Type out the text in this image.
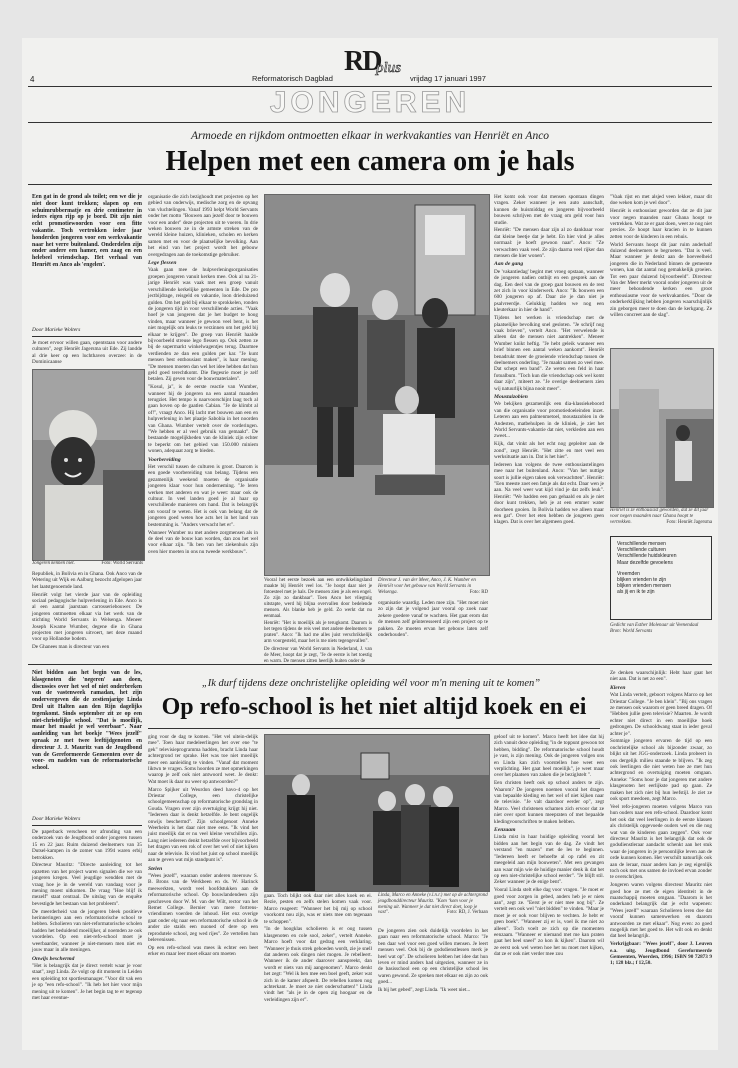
4	Reformatorisch Dagblad
RD
plus
vrijdag 17 januari 1997
JONGEREN
Armoede en rijkdom ontmoetten elkaar in werkvakanties van Henriët en Anco
Helpen met een camera om je hals
Een gat in de grond als toilet; een we die je niet door kunt trekken; slapen op een schuimrubbermatje en drie centimeter in ieders eigen rijp op je bord. Dit zijn niet echt promotiewoorden voor een fitte vakantie. Toch vertrokken ieder jaar honderden jongeren voor een werkvakantie naar het verre buitenland. Onderdelen zijn onder andere een hamer, een zaag en een helebeel vriendschap. Het verhaal van Henriët en Anco als 'engelen'.
Door Marieke Wolters

Je moet ervoor willen gaan, opentstaan voor andere culturen", zegt Henriët Jagersma uit Ede. Zij landde al drie keer op een luchthaven overzee: in de Dominicaanse

Jongeren kennen niet.	Foto: World Servants

Republiek, in Bolivia en in Ghana. Ook Anco van de Wetering uit Wijk en Aalburg bezocht afgelopen jaar het laatstgenoemde land.

Henriët volgt het vierde jaar van de opleiding sociaal pedagogische hulpverlening in Ede. Anco is al een aantal jaarstaan carrosseriebouwer. De jongeren ontmoetten elkaar via het werk van de stichting World Servants in Welsenga. Meneer Joseph Kwame Wumber, degene die in Ghana projecten met jongeren uitvoert, net deze maand voor op Hollandse bodem.

De Ghanees man is directeur van een

organisatie die zich bezighoudt met projecten op het gebied van onderwijs, medische zorg en de opvang van vluchtelingen. Vanaf 1993 helpt World Servants onder het motto "Bouwen aan jezelf door te bouwen voor een ander" deze projecten uit te voeren. In drie weken bouwen ze in de armste streken van de wereld kleine huizen, klinieken, scholen en kerken samen met en voor de plaatselijke bevolking. Aan het eind van het project wordt het gebouw overgedragen aan de toekomstige gebruiker.

Lege flessen

Vaak gaan mee de hulpverleningsorganisaties groepen jongeren vanuit kerken mee. Ook al na 21-jarige Henriët was vaak met een groep vanuit verschillende kerkelijke gemeenten in Ede. De pro jectbijdrage, reisgeld en vakantie, loon drieduizend gulden. Om het geld bij elkaar te sprokkelen, ronden de jongeren tijd in voor verschillende acties. "Vaak hoef je van jongeren dat je het budget te hoog vinden, maar wanneer je gewoon veel bent, is het niet mogelijk om leuks te verzinnen om het geld bij elkaar te krijgen". De groep van Henriët haalde bijvoorbeeld streuse lego flessen op. Ook zetten ze bij de supermarkt winkelwagentjes terug. Daarmee verdienden ze dan een gulden per kar. "Je kunt mensen best enthousiast maken", is haar mening. "De mensen moeten dan wel het idee hebben dat hun geld goed terechtkomt. Die flegesrie moet je zelf betalen. Zij geven voor de bouwmaterialen".

"Kosul, ja", is de eerste reactie van Wumber, wanneer hij de jongeren na een aantal maanden terugziet. Het tempo is naarvoorschijnt laag toch al gaan hoven op de gaatlen Cabian. "Je de klimbt al of!", vraagt Anco. Hij lacht met bouwen aan een en hulpverlening in het plaatje Sabobia in het noorden van Ghana. Wumber vertelt over de vorderingen. "We hebben er al veel gebruik van gemaakt". De bestaande mogelijkheden van de kliniek zijn echter te beperkt om het gebied van 150.000 miniem wonen, adequaat zorg te bieden.

Voorbereiding

Het verschil tussen de culturen is groot. Daarom is een goede voorbereiding van belang. Tijdens een gezamenlijk weekend moeten de organisatie jongeren klaar voor hun onderneming. "Je leren werken met anderen en wat je weet: maar ook de cultuur. In veel landen goed je al haar op verschillende manieren om hand. Dat is belangrijk om vooraf te weten. Het is ook van belang dat de jongeren goed weten hoe acts het in het land van bestemming is. "Anders verwacht het er".

Wanneer Wumber nu met andere zorgmensen als in de deel van de bouw kan worden, dan zou het wel voor elkaar zijn. "Ik ben van het ziekenhuis zijn oven hier moeten in ons nu tweede werkbouw".

Vooral het eerste bezoek aan een ontwikkelingsland maakte bij Henriët veel los. "Je hoopt daar niet je fotoesteel met je hals. De mensen zien je als een engel. Zo zijn zo dankbaar". Toen Anco het vliegtuig uitstapte, werd hij blijna overvallen door bedelende mensen. Als blanke heb je geld. Zo werkt dat nu eenmaal.

Henriët: "Het is moeilijk als je terugkomt. Daarom is het tegen tijdens de reis veel met andere deelnemers te praten". Anco: "Ik had me alles juist verschrikkelijk arm voorgesteld, maar het is me niets tegengevallen".

De directeur van World Servants in Nederland, J. van de Meer, hoopt dat je zegt, "Je de eerste is het toestig en warm. De mensen zitten heerlijk buiten onder de

Directeur J. van der Meer, Anco, J. K. Wumber en Henriët voor het gebouw van World Servants in Welsenga.	Foto: RD

organisatie waardig. Leden mee zijn. "Het moet niet zo zijn dat je volgend jaar vooral op zoek naar zekere goedere vanaf te wachten. Het gaat erom dat de mensen zelf geïnteresseerd zijn een project op te pakken. Ze moeten ervan het gebouw laten zelf onderhouden".

Het komt ook voor dat mensen spontaan dingen vragen. Zeker wanneer je een auto aanschaft, kunnen de huismiddag en jongeren bijvoorbeeld bouwen schrijven met de vraag om geld voor hun studie.

Henriët: "De mensen daar zijn al zo dankbaar voor dat kleine beetje dat je hebt. En hier vind je alles normaal: je hoeft gewoon naar". Anco: "Ze verwachten vaak veel. Ze zijn daarna veel rijker dan mensen die hier wonen".

Aan de gang

De 'vakantiedag' begint met vroeg opstaan, wanneer de jongeren nadien ontbijt en een gesprek aan de dag. Een deel van de groep gaat bouwen en de rest zet zich in voor kinderwerk. Anco: "Ik bouwen een 600 jongeren op af. Daar zie je dan niet je psalvreerdje. Gelukkig hadden we nog een kleuterkaar in hier de hand".

Tijdens het werken is vriendschap met de plaatselijke bevolking snel gesloten. "Je schrijf nog vaak brieven", vertelt Anco. "Het verwelende is alleen dat de mensen niet aantrekken". Meneer Wumber knikt heftig. "Je hebt geleik wanneer een brief binnen een aantal weken aankomt". Henriët benadrukt meer de groeiende vriendschap tussen de deelnemers onderling. "Je maakt samen zo veel mee. Dat schept een band". Ze weten een feld in haar fotoalbum. "Toch kun die vriendschap ook wel komt daar zijn", miteert ze. "Je overige deelnemers zien wij natuurlijk bijna nooit meer".

Moustaizobien

We bekijken gezamenlijk een dia-klassiekeboord van die organisatie voor promotiedoeleinden inzet. Leteren aan een palmenmetoel, moustazobien in de Andesten, matbehulpen in de kliniek, je ziet het World Servants-vakantie dat niet, verkleden aan een zweet...

Kijk, dat vinkt als het echt nog gepleiter aan de zond", zegt Henriët. "Het zitte en met veel een werksituatie aan in. Dat is het hier".

Iedereen kan volgens de twee enthousiastelingen mee naar het buitenland. Anco: "Van het nuttige soort is jullie eigen taken ook verwachtten". Henriët: "Een meeste zoet een fatsje als dat echt. Daar wen je aan. Na veel weer wat kijd vind je dat zelfs leuk". Henriët: "We hadden een pan gehaald en als je niet door kunt trekken, heb je at een emmer water doorheen gooien. In Bolivia hadden we alleen maar een gat". Over het eten hebben de jongeren geen klagen. Dat is over het algemeen goed.

"Vaak rijst en met alsjed veen lekker, maar dit doe weken kom je wel door".

Henriët is enthousiast geworden dat ze dit jaar voor negen maanden naar Ghana hoopt te vertrekken. Wat ze er gaat doen, weet ze nog niet precies. Ze hoopt haar kracien in te kunnen zetten voor de kinderen in een rehuis.

World Servants hoopt dit jaar ruim anderhalf duizend deelnemers te begroeten. "Dat is veel. Maar wanneer je denkt aan de hoeveelheid jongeren die in Nederland binnen de gemeente wonen, kan dat aantal nog gemakkelijk groeien. Tot een paar duizend bijvoorbeeld". Directeur Van der Meer merkt vooral onder jongeren uit de meer behoudende kerken een groot enthousiasme voor de werkvakanties. "Door de onderkerklijking hebben jongeren waarschijnlijk zin geborgen meer te doen dan de kerkgang. Ze willen concreet aan de slag".

Henriët is ze enthousiast geworden, dat ze dit jaar voor negen maanden naar Ghana hoopt te vertrekken.	Foto: Henriët Jagersma
Verschillende mensen
Verschillende culturen
Verschillende huidskleuren
Maar dezelfde gevoelens
Vreemden
blijken vrienden te zijn
blijken vrienden mensen
als jij en ik te zijn
Gedicht van Esther Molenaar uit Veenendaal
Bron: World Servants
Niet bidden aan het begin van de les, klasgenoten die 'negeren' aan doen, discussies over het wel of niet onderbreken van de vastenweek ramadan, het zijn ondervergeven die de zestienjarige Linda Drol uit Halten aan den Rijn dagelijks tegenkomt. Sinds september zit ze op een niet-christelijke school. "Dat is moeilijk, maar het maakt je wel weerbaar". Naar aanleiding van het boekje "Wees jezelf" spraak ze met twee leeftijdgenoten en directeur J. J. Mauritz van de Jeugdbond van de Gereformeerde Gemeenten over de voor- en nadelen van de reformatorische school.
Door Marieke Wolters

De paperback verscheen ter afronding van een onderzoek van de Jeugdbond onder jongeren tussen 15 en 22 jaar. Ruim duizend deelnemers van 35 Dutsel-kampen in de zomer van 1994 waren erbij betrokken.

Directeur Mauritz: "Directe aanleiding tot het opzetten van het project waren signalen die we van jongeren kregen. Veel jeugdige wendden met de vraag hoe je in de wereld van vandaag voor je mening moest uitkomen. De vraag "Hoe blijf ik mezelf" staat centraal. De uitslag van de enquête bevestigde het bestaan van het probleem".

De meerderheid van de jongeren bleek positieve herinneringen aan een reformatorische school te hebben. Scholieren van niet-reformatorische scholen hadden het beduidend moeilijker, al noemden ze ook voordelen. Op een niet-refo-school moet je weerbaarder, wanneer je niet-mensen men niet en jouw maar in alle meningen.

Onwijs beschermd

"Het is belangrijk dat je direct vertelt waar je voor staat", zegt Linda. Ze volgt op dit moment in Leiden een opleiding tot sportlesmanager. "Voor dit vak een je op "een refo-school". "Ik heb het hier voor mijn mening uit te komen". Je het begin tag te er tegenop met haar eventue-

„Ik durf tijdens deze onchristelijke opleiding wél voor m'n mening uit te komen”
Op refo-school is het niet altijd koek en ei

ging voor de dag te komen. "Het vel uitein-delijk mee". Toen haar medeleerlingen het over ene "te gek" televisieprogramma hadden, bracht Linda haar achtergrond ter sprake. Het was toe niet moeilijk meer een aanleiding te vinden. "Vanaf dat moment liktwn te vragen. Soms hoorden ze met opmerkingen waarop je zelf ook niet antwoord weet. Je denkt: Wat moet ik daar nu weer op antwoorden?"

Marco Spijker uit Weurdon deed havo-4 op het Driestar College, een christelijke schoolgemeenschap op reformatorische grondslag in Gouda. Vragen over zijn overtuiging krijgt hij niet. "Iedereen daar is denkt hetzelfde. Je bent ongelijk onwijs beschermd". Zijn schoolgenoot Anneke Weerheim is het daar niet mee eens. "Ik vind het juist moeilijk dat er nu veel kleine verschillen zijn. Lang niet iedereen denkt hetzelfde over bijvoorbeeld het dragen van een rok of over het wel of niet kijken naar de televisie. Ik vind het juist op school moeilijk aan te geven wat mijn standpunt is".

Stelen

"Wees jezelf", waaraan onder anderen meerouw S. B. Brons van de Werkbeen en ds. W. Harinck meewerkten, wordt veel hoofdstukken aan de reformatorische school. Op bouwlandendeen zijn geschreven door W. M. van der Wilt, rector van het Remet College. Bernier van mere fortrens-vriendinnen voerden de inhoud. Het enz overige gaat onder elg naar een reformatorische school in de ander zie staids een nuoned of dere op een reprodutele school, zeg wed rijes". Ze vertellen hun belevenissen.

Op een refo-school was mees ik echter een beet erker en maar leer moet elkaar om moeten

Linda, Marco en Anneke (v.l.n.r.) met op de achtergrond jeugdbonddirecteur Mauritz. "Kom ‘kom voor je mening uit. Wanneer je dat niet direct doet, loop je vast".	Foto: RD, J. Verbaan

gaan. Toch blijkt ook daar niet alles koek en ei. Rezie, pesten en zelfs stelen komen vaak voor. Marco reageert: "Wanneer het bij mij op school voorkomt nou zijn, was er niets mee om tegenaan te schoppen".

"In de hoogklas scholieren is er oog tussen klasgenoten en cole sool, zeker", vertelt Anneke. Marco hoeft voor dat gedrag een verklaring. "Wanneer je thuis strek gehoeden wordt, zie je snell dat anderen ook dingen niet mogen. Je rebelleert. Wanneer ik de ander daarover aanspreekt, dan wordt er niets van mij aangenomen". Marco denkt het zegt: "Wel ik ben mee een boel geeft, zeker wat zich in de kamer afspeelt. De rebellen komen nog achterkant. Je moet ze niet onderschatten!" Linda vindt het "als je in de open zig hoogaar en de verleidingen zijn er".

De jongeren zien ook duidelijk voordelen in het gaan naar een reformatorische school. Marco: "Je ben daar wel voor een goed willen mensen. Je leert mensen veel. Ook bij de godsdienstlessen merk je heel wat op". De scholieren hebben het idee dat hun leven er mind anders had uitgezien, wanneer ze in de basisschool een op een christelijke school les waren gewond. Ze spreken met elkaar en zijn zo ook goed...

Ik bij het gebed", zegt Linda. "Ik weet niet...

geloof uit te komen". Marco heeft het idee dat hij zich vanuit deze opleiding "in de toppunt gewoon tot hebben, bidding". De reformatorische school houdt je vast, is zijn mening. Ook de jongeren volgen ons en Linda kan zich voorstellen hoe weet een verplichting. Het gaat heel moeilijk", je weet maar over het plaatsen van zaken die je beziglstelt ".

Een christen heeft ook op school anders te zijn. Waarom? De jongeren noemen vooral het dragen van bepaalde kleding en het wel of niet kijken naar de televisie. "Je valt daardoor eerder op", zegt Marco. Veel christenen schamen zich ervoor dat ze niet over sport kunnen meepraten of met bepaalde kledingvoorschriften te maken hebben.

Eenzaam

Linda mist in haar huidige opleiding vooral het bidden aan het begin van de dag. Ze vindt het verstand "en mazen" met de les te beginnen. "Iedereen heeft er behoefte al op rafel en zit meegeleid aan mijn bouweten". Met een gevangen aan waar mijn wie de huidige manier denk ik dat het op een niet-christelijke school eerder". "Je blijft stil. Zeker wanneer je de enige bent".

Vooral Linda stelt elke dag voor vragen. "Je moet er goed voor zorgen in gebed, anders heb je er niets aan", zegt ze. "Eerst je er niet mee nog bij". Ze vertelt een ook wel "niet bidden" te vinden. "Maar je moet je er ook voor blijven te vechten. Je hebt er geen boek". "Wanneer zij er is, voel ik me niet zo alleen". Toch voelt ze zich op die momenten eenzaam. "Wanneer er niemand met me kan praten gaat het heel sneel" zo kon ik kijken". Daarom wil ze eerst ook wel weten hoe het nu moet met kijken, dat ze er ook niet verder mee zou

Ze denken waarschijnlijk: Hebt haar gaat het niet aan. Dat is net zo een".

Kleren

Wat Linda vertelt, geboort volgens Marco op het Driestar College. "Je ben klein". "Bij ons vragen ze mensen ook waarom er geen breed dragen. Of "Hebben jullie geen televisie? Maarten. Je wordt echter niet direct in een moeilijke hoek gedrongen. De schooldwang staat in ieder geval achter je".

Sommige jongeren ervaren de tijd op een onchristelijke school als bijzonder zwaar, zo blijkt uit het JGG-onderzoek. Linda probeert in ons dergelijk milieu staande te blijven. "Ik zeg ook leerlingen die niet weten hoe ze met hun achtergrond en overtuiging moeten omgaan. Anneke: "Soms hoor je dat jongeren met andere klasgenoten het eerlijkste pad op gaan. Ze maken het zich niet bij hun leefstijl. Je ziet ze ook sport meedoen, zegt Marco.

Veel refo-jongeren moeten volgens Marco van hun ouders naar een refo-school. Daardoor komt het ook dat veel leerlingen in de eerste klassen als christelijk opgevoede ouders wel en die nog wat van de kinderen gaan zeggen". Ook voor directeur Mauritz is het belangrijk dat ook de godsdienstleraar aandacht schenkt aan het stuk waar de jongeren in je persoonlijke leven aan de orde kunnen komen. Het verschilt natuurlijk ook aan de leraar, maar anders kan je zeg eigenlijk toch ook met ons samen de invloed ervan zonder te overschrijten.

Jongeren waren volgens directeur Mauritz niet goed hoe ze met de eigen identiteit in de maatschappij moeten omgaan. "Daarom is het onderkand belangrijk dat je echt wapenen: "Wees jezelf" waaraan Scholieren leren doe dat vooraf kunnen samenwerken en daarom antwoorden ze met elkaar". Nog even: zo goed mogelijk met het goed te. Het wilt ook en denkt dat heel belangrijk.

Verkrijgbaar: "Wees jezelf", door J. Leuven e.a. uitg. Jeugdbond Gereformeerde Gemeenten, Woerden, 1996; ISBN 90 72873 9 1; 128 blz.; f 12,50.
